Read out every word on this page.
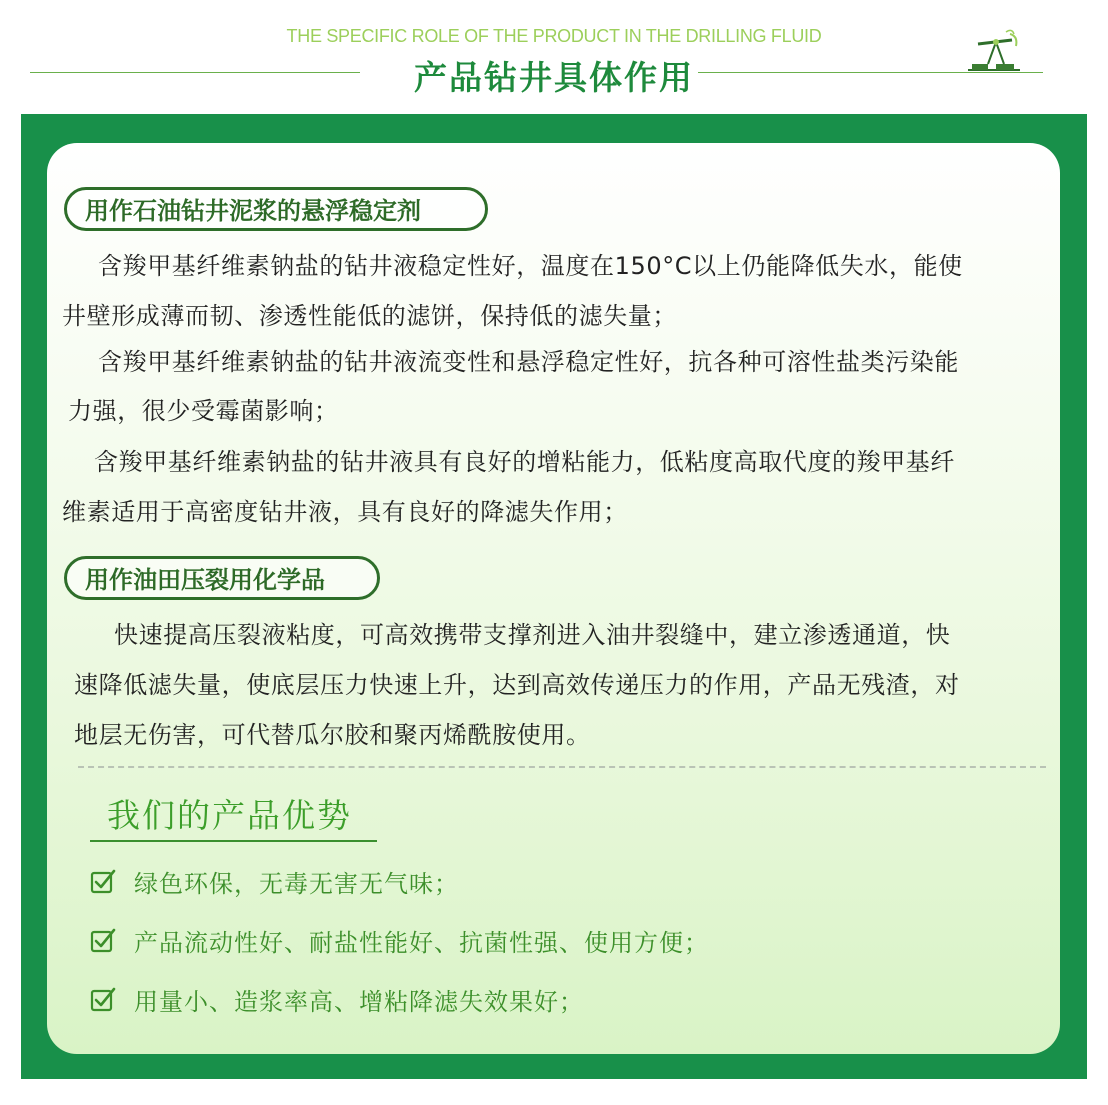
THE SPECIFIC ROLE OF THE PRODUCT IN THE DRILLING FLUID
产品钻井具体作用
用作石油钻井泥浆的悬浮稳定剂
含羧甲基纤维素钠盐的钻井液稳定性好，温度在150°C以上仍能降低失水，能使
井壁形成薄而韧、渗透性能低的滤饼，保持低的滤失量；
含羧甲基纤维素钠盐的钻井液流变性和悬浮稳定性好，抗各种可溶性盐类污染能
力强，很少受霉菌影响；
含羧甲基纤维素钠盐的钻井液具有良好的增粘能力，低粘度高取代度的羧甲基纤
维素适用于高密度钻井液，具有良好的降滤失作用；
用作油田压裂用化学品
快速提高压裂液粘度，可高效携带支撑剂进入油井裂缝中，建立渗透通道，快
速降低滤失量，使底层压力快速上升，达到高效传递压力的作用，产品无残渣，对
地层无伤害，可代替瓜尔胶和聚丙烯酰胺使用。
我们的产品优势
绿色环保，无毒无害无气味；
产品流动性好、耐盐性能好、抗菌性强、使用方便；
用量小、造浆率高、增粘降滤失效果好；
